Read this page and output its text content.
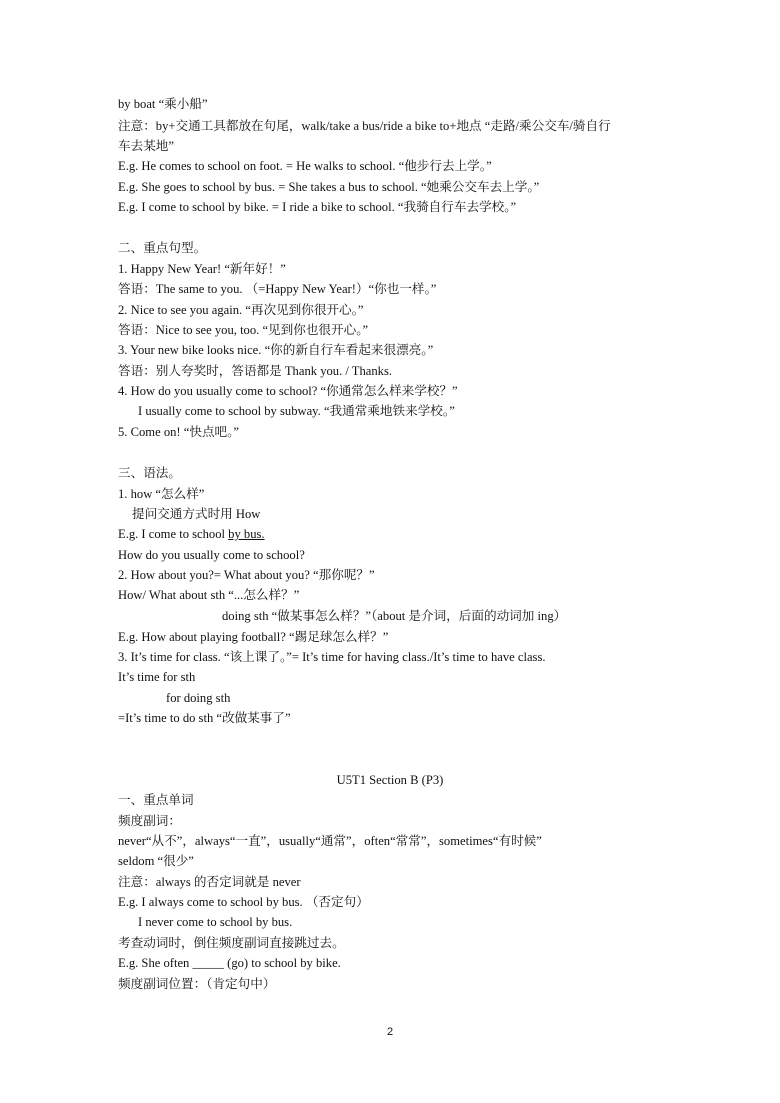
by boat “乘小船”
注意：by+交通工具都放在句尾，walk/take a bus/ride a bike to+地点 “走路/乘公交车/骑自行
车去某地”
E.g. He comes to school on foot. = He walks to school. “他步行去上学。”
E.g. She goes to school by bus. = She takes a bus to school. “她乘公交车去上学。”
E.g. I come to school by bike. = I ride a bike to school. “我骑自行车去学校。”
二、重点句型。
1. Happy New Year! “新年好！”
答语：The same to you. （=Happy New Year!）“你也一样。”
2. Nice to see you again. “再次见到你很开心。”
答语：Nice to see you, too. “见到你也很开心。”
3. Your new bike looks nice. “你的新自行车看起来很漂亮。”
答语：别人夸奖时，答语都是 Thank you. / Thanks.
4. How do you usually come to school? “你通常怎么样来学校？”
I usually come to school by subway. “我通常乘地铁来学校。”
5. Come on! “快点吧。”
三、语法。
1. how “怎么样”
提问交通方式时用 How
E.g. I come to school by bus.
How do you usually come to school?
2. How about you?= What about you? “那你呢？”
How/ What about sth “...怎么样？”
doing sth “做某事怎么样？”（about 是介词，后面的动词加 ing）
E.g. How about playing football? “踢足球怎么样？”
3. It’s time for class. “该上课了。”= It’s time for having class./It’s time to have class.
It’s time for sth
for doing sth
=It’s time to do sth “改做某事了”
U5T1 Section B (P3)
一、重点单词
频度副词：
never“从不”，always“一直”，usually“通常”，often“常常”，sometimes“有时候”
seldom “很少”
注意：always 的否定词就是 never
E.g. I always come to school by bus. （否定句）
I never come to school by bus.
考查动词时，倒住频度副词直接跳过去。
E.g. She often _____ (go) to school by bike.
频度副词位置：（肯定句中）
2
